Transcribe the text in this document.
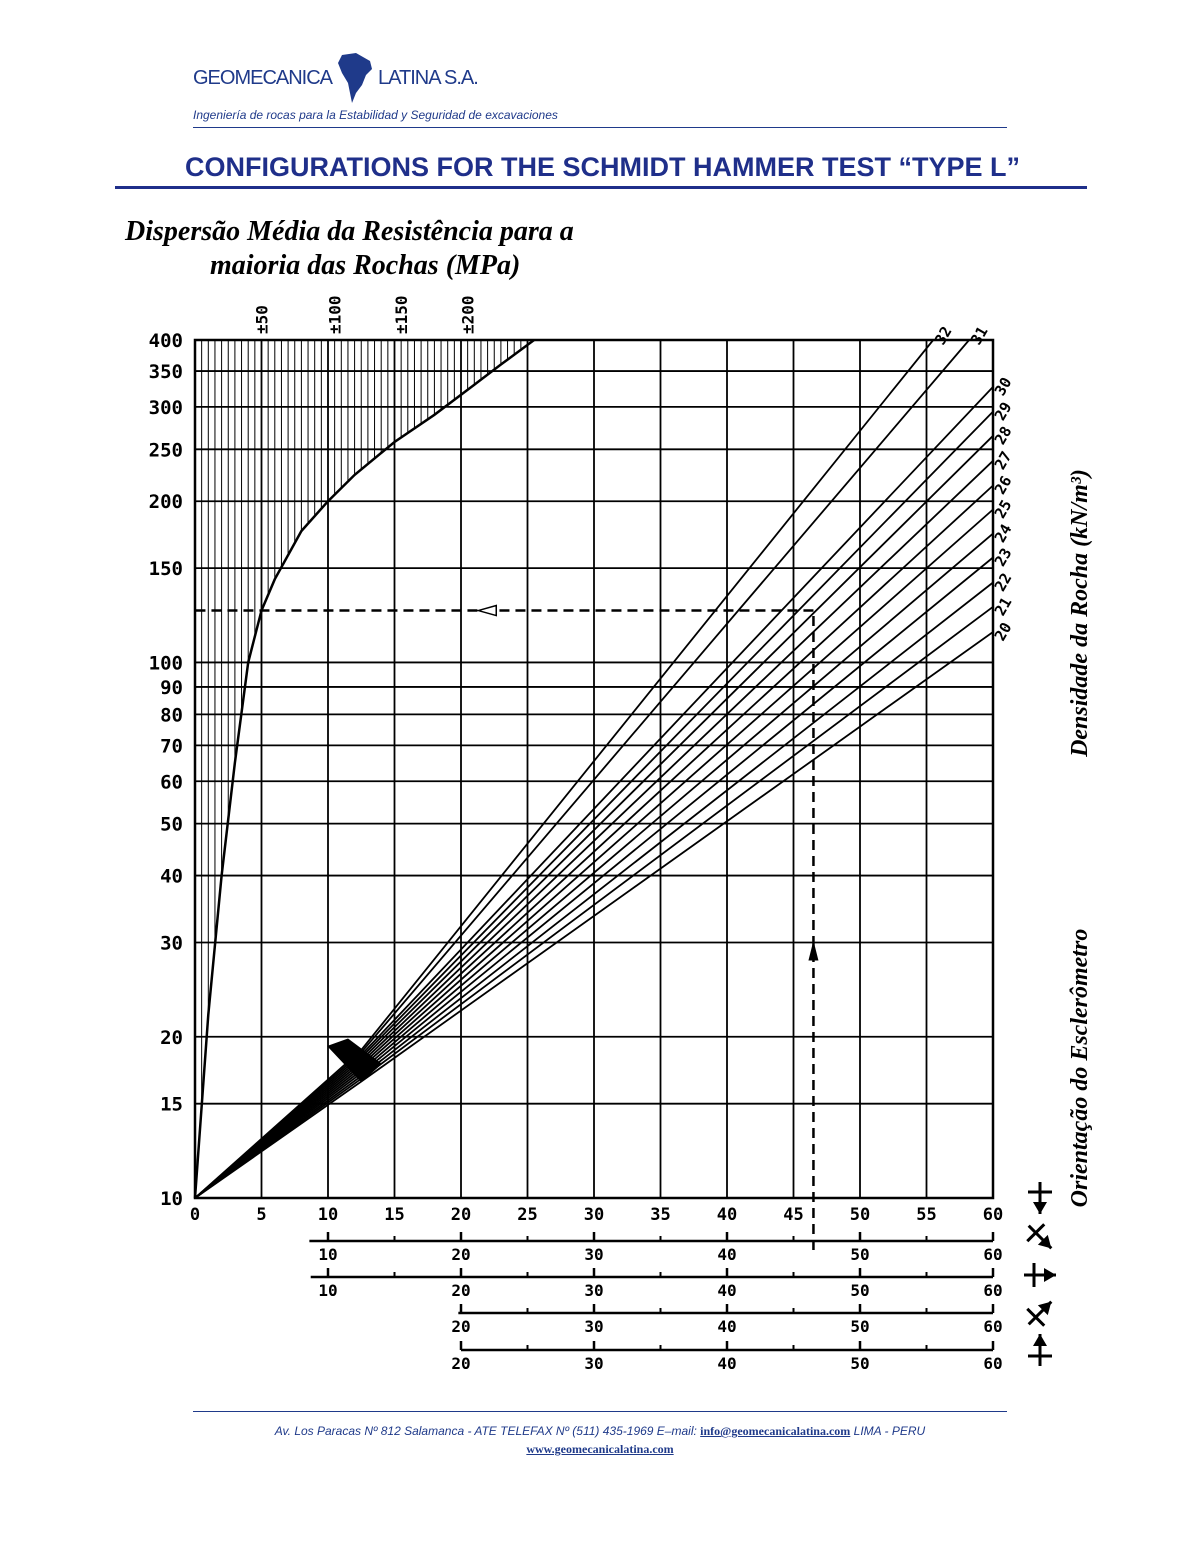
GEOMECANICA LATINA S.A.
Ingeniería de rocas para la Estabilidad y Seguridad de excavaciones
CONFIGURATIONS FOR THE SCHMIDT HAMMER TEST “TYPE L”
Dispersão Média da Resistência para a
maioria das Rochas (MPa)
10
15
20
30
40
50
60
70
80
90
100
150
200
250
300
350
400
0	5	10	15	20	25	30	35	40	45	50	55	60
±50	±100	±150	±200
20
21
22
23
24
25
26
27
28
29
30
31
32
10	20	30	40	50	60
10	20	30	40	50	60
20	30	40	50	60
20	30	40	50	60
Densidade da Rocha (kN/m³)
Orientação do Esclerômetro
Av. Los Paracas Nº 812 Salamanca - ATE TELEFAX Nº (511) 435-1969 E–mail: info@geomecanicalatina.com LIMA - PERU
www.geomecanicalatina.com
